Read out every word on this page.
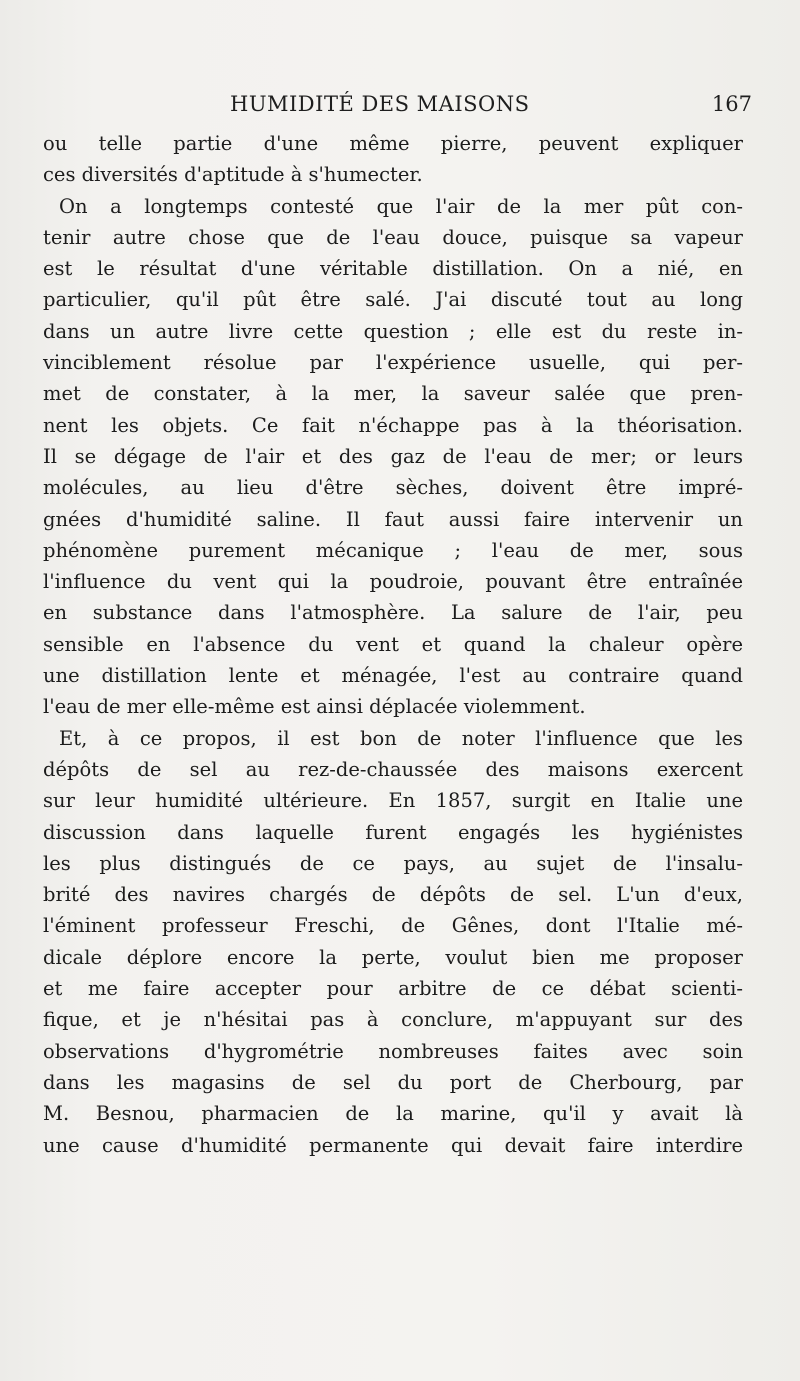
HUMIDITÉ DES MAISONS	167
ou telle partie d'une même pierre, peuvent expliquer
ces diversités d'aptitude à s'humecter.
On a longtemps contesté que l'air de la mer pût con-
tenir autre chose que de l'eau douce, puisque sa vapeur
est le résultat d'une véritable distillation. On a nié, en
particulier, qu'il pût être salé. J'ai discuté tout au long
dans un autre livre cette question ; elle est du reste in-
vinciblement résolue par l'expérience usuelle, qui per-
met de constater, à la mer, la saveur salée que pren-
nent les objets. Ce fait n'échappe pas à la théorisation.
Il se dégage de l'air et des gaz de l'eau de mer; or leurs
molécules, au lieu d'être sèches, doivent être impré-
gnées d'humidité saline. Il faut aussi faire intervenir un
phénomène purement mécanique ; l'eau de mer, sous
l'influence du vent qui la poudroie, pouvant être entraînée
en substance dans l'atmosphère. La salure de l'air, peu
sensible en l'absence du vent et quand la chaleur opère
une distillation lente et ménagée, l'est au contraire quand
l'eau de mer elle-même est ainsi déplacée violemment.
Et, à ce propos, il est bon de noter l'influence que les
dépôts de sel au rez-de-chaussée des maisons exercent
sur leur humidité ultérieure. En 1857, surgit en Italie une
discussion dans laquelle furent engagés les hygiénistes
les plus distingués de ce pays, au sujet de l'insalu-
brité des navires chargés de dépôts de sel. L'un d'eux,
l'éminent professeur Freschi, de Gênes, dont l'Italie mé-
dicale déplore encore la perte, voulut bien me proposer
et me faire accepter pour arbitre de ce débat scienti-
fique, et je n'hésitai pas à conclure, m'appuyant sur des
observations d'hygrométrie nombreuses faites avec soin
dans les magasins de sel du port de Cherbourg, par
M. Besnou, pharmacien de la marine, qu'il y avait là
une cause d'humidité permanente qui devait faire interdire
